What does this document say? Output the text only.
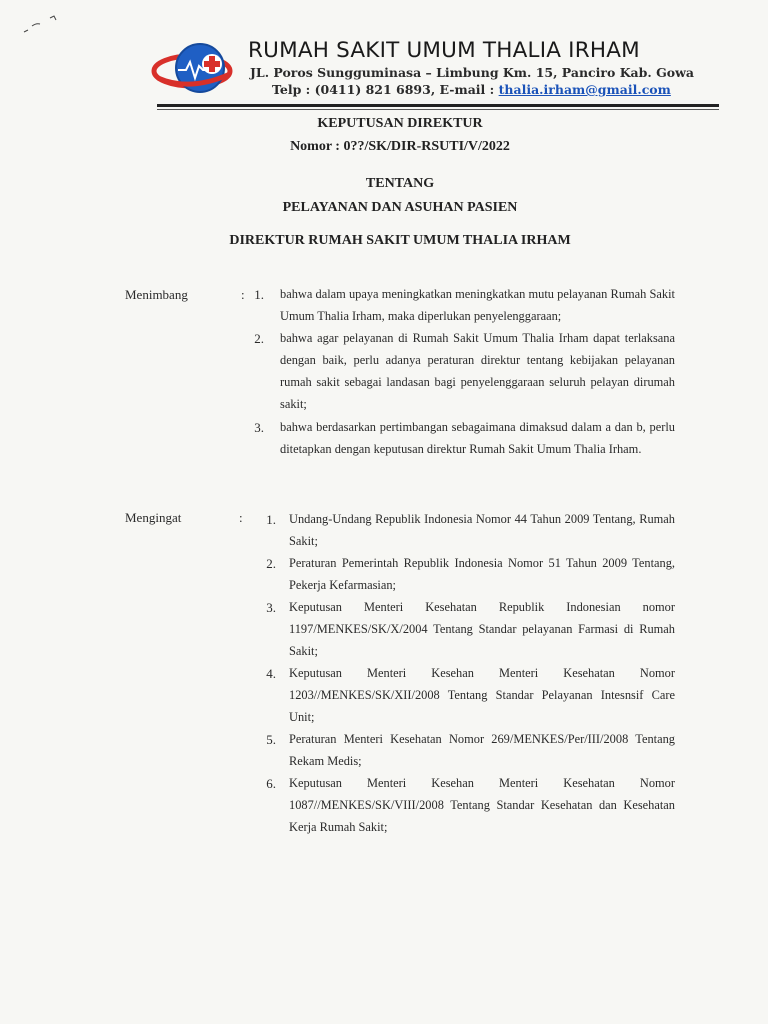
RUMAH SAKIT UMUM THALIA IRHAM
JL. Poros Sungguminasa – Limbung Km. 15, Panciro Kab. Gowa
Telp : (0411) 821 6893, E-mail : thalia.irham@gmail.com
KEPUTUSAN DIREKTUR
Nomor : 0??/SK/DIR-RSUTI/V/2022
TENTANG
PELAYANAN DAN ASUHAN PASIEN
DIREKTUR RUMAH SAKIT UMUM THALIA IRHAM
Menimbang	: 1. bahwa dalam upaya meningkatkan meningkatkan mutu pelayanan Rumah Sakit Umum Thalia Irham, maka diperlukan penyelenggaraan;
2. bahwa agar pelayanan di Rumah Sakit Umum Thalia Irham dapat terlaksana dengan baik, perlu adanya peraturan direktur tentang kebijakan pelayanan rumah sakit sebagai landasan bagi penyelenggaraan seluruh pelayan dirumah sakit;
3. bahwa berdasarkan pertimbangan sebagaimana dimaksud dalam a dan b, perlu ditetapkan dengan keputusan direktur Rumah Sakit Umum Thalia Irham.
Mengingat	:	1. Undang-Undang Republik Indonesia Nomor 44 Tahun 2009 Tentang, Rumah Sakit;
2. Peraturan Pemerintah Republik Indonesia Nomor 51 Tahun 2009 Tentang, Pekerja Kefarmasian;
3. Keputusan Menteri Kesehatan Republik Indonesian nomor 1197/MENKES/SK/X/2004 Tentang Standar pelayanan Farmasi di Rumah Sakit;
4. Keputusan Menteri Kesehan Menteri Kesehatan Nomor 1203//MENKES/SK/XII/2008 Tentang Standar Pelayanan Intesnsif Care Unit;
5. Peraturan Menteri Kesehatan Nomor 269/MENKES/Per/III/2008 Tentang Rekam Medis;
6. Keputusan Menteri Kesehan Menteri Kesehatan Nomor 1087//MENKES/SK/VIII/2008 Tentang Standar Kesehatan dan Kesehatan Kerja Rumah Sakit;
